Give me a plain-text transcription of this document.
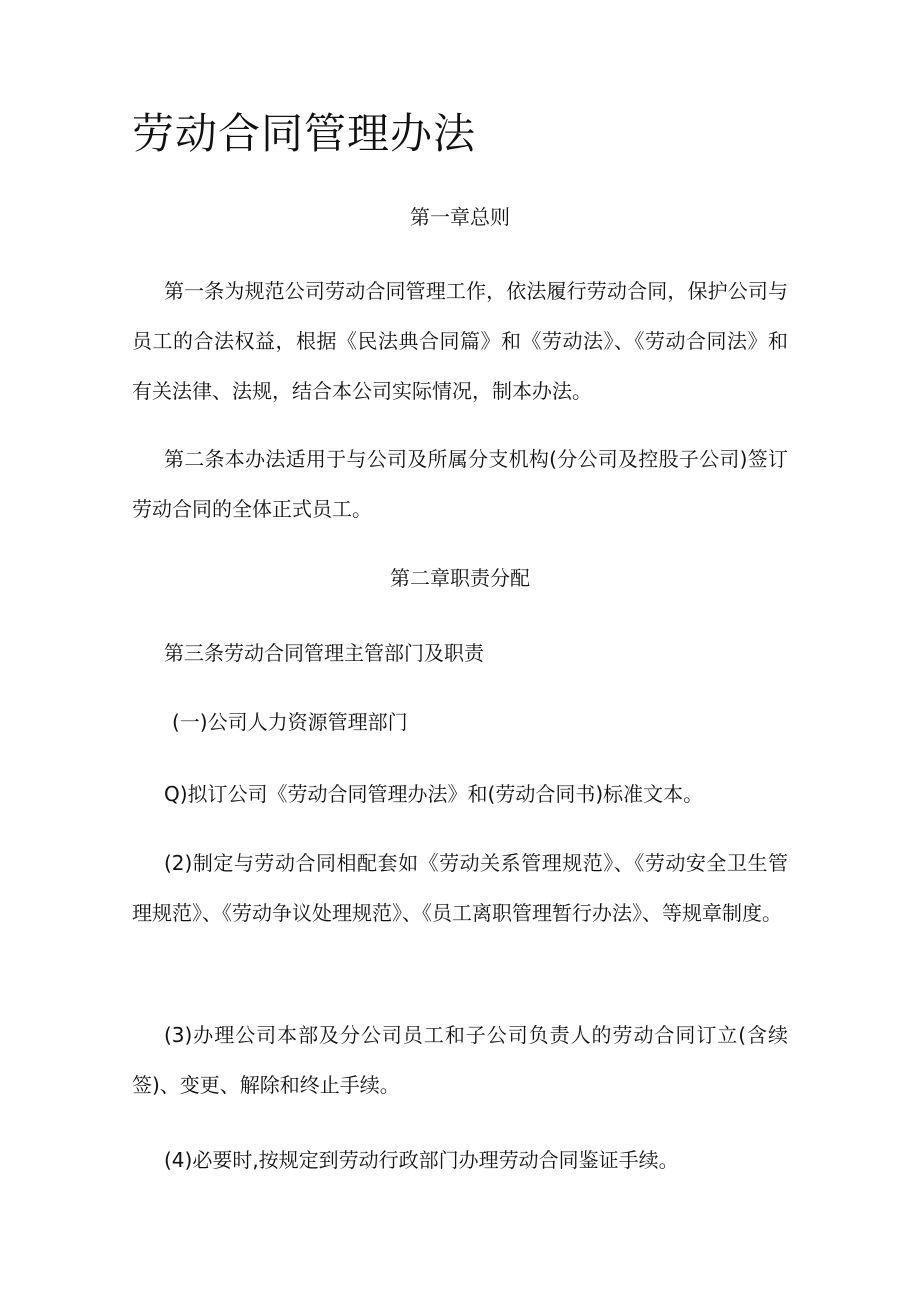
劳动合同管理办法
第一章总则

第一条为规范公司劳动合同管理工作，依法履行劳动合同，保护公司与员工的合法权益，根据《民法典合同篇》和《劳动法》、《劳动合同法》和有关法律、法规，结合本公司实际情况，制本办法。

第二条本办法适用于与公司及所属分支机构(分公司及控股子公司)签订劳动合同的全体正式员工。

第二章职责分配

第三条劳动合同管理主管部门及职责

(一)公司人力资源管理部门

Q)拟订公司《劳动合同管理办法》和(劳动合同书)标准文本。

(2)制定与劳动合同相配套如《劳动关系管理规范》、《劳动安全卫生管理规范》、《劳动争议处理规范》、《员工离职管理暂行办法》、等规章制度。

(3)办理公司本部及分公司员工和子公司负责人的劳动合同订立(含续签)、变更、解除和终止手续。

(4)必要时,按规定到劳动行政部门办理劳动合同鉴证手续。
